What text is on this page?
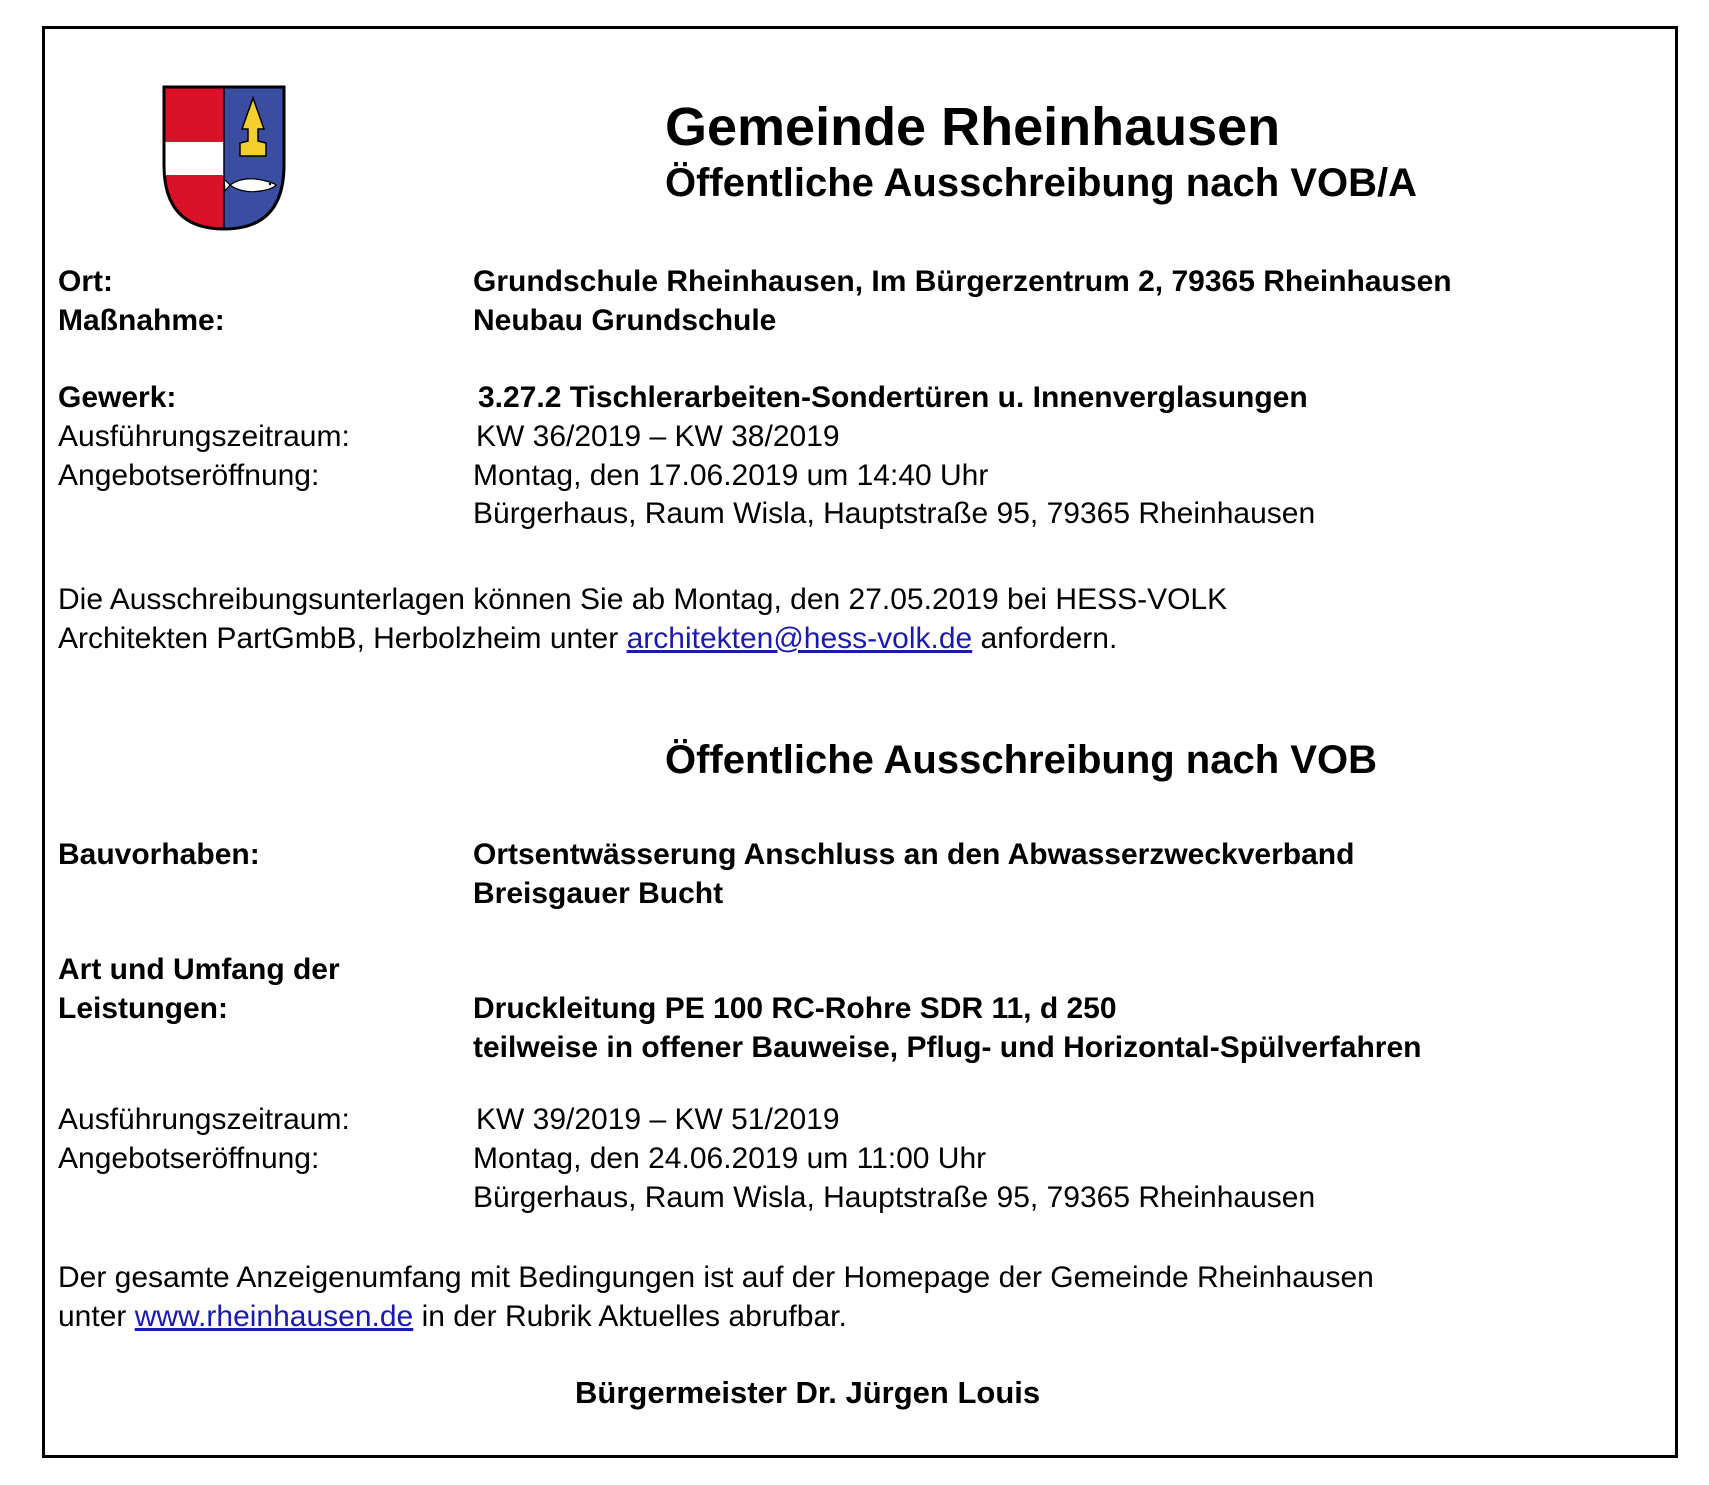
Gemeinde Rheinhausen
Öffentliche Ausschreibung nach VOB/A
Ort:	Grundschule Rheinhausen, Im Bürgerzentrum 2, 79365 Rheinhausen
Maßnahme:	Neubau Grundschule
Gewerk:	3.27.2 Tischlerarbeiten-Sondertüren u. Innenverglasungen
Ausführungszeitraum:	KW 36/2019 – KW 38/2019
Angebotseröffnung:	Montag, den 17.06.2019 um 14:40 Uhr
Bürgerhaus, Raum Wisla, Hauptstraße 95, 79365 Rheinhausen
Die Ausschreibungsunterlagen können Sie ab Montag, den 27.05.2019 bei HESS-VOLK
Architekten PartGmbB, Herbolzheim unter architekten@hess-volk.de anfordern.
Öffentliche Ausschreibung nach VOB
Bauvorhaben:	Ortsentwässerung Anschluss an den Abwasserzweckverband
Breisgauer Bucht
Art und Umfang der
Leistungen:	Druckleitung PE 100 RC-Rohre SDR 11, d 250
teilweise in offener Bauweise, Pflug- und Horizontal-Spülverfahren
Ausführungszeitraum:	KW 39/2019 – KW 51/2019
Angebotseröffnung:	Montag, den 24.06.2019 um 11:00 Uhr
Bürgerhaus, Raum Wisla, Hauptstraße 95, 79365 Rheinhausen
Der gesamte Anzeigenumfang mit Bedingungen ist auf der Homepage der Gemeinde Rheinhausen
unter www.rheinhausen.de in der Rubrik Aktuelles abrufbar.
Bürgermeister Dr. Jürgen Louis
